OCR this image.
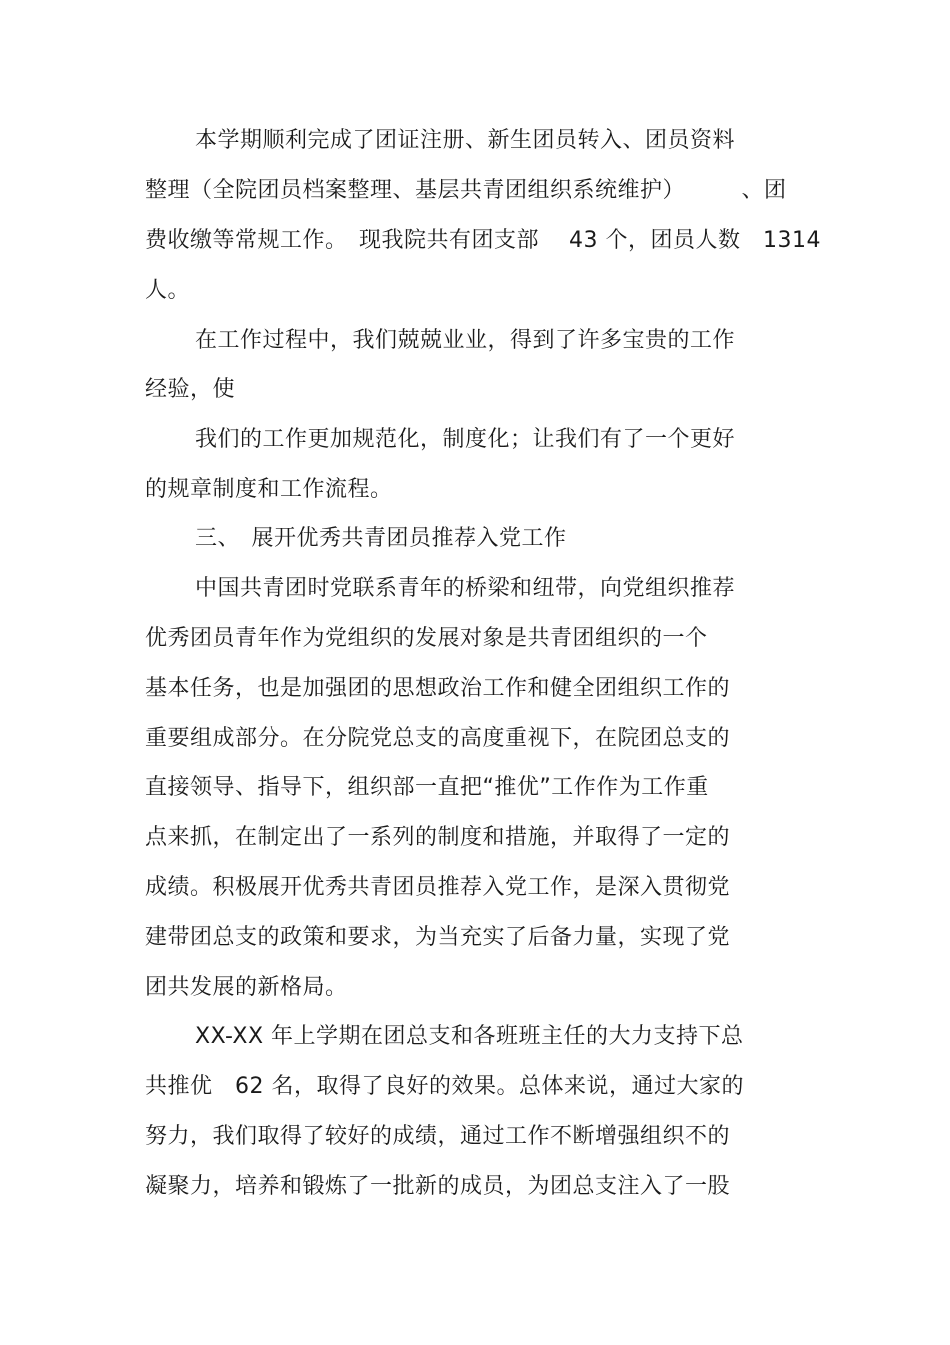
本学期顺利完成了团证注册、新生团员转入、团员资料
整理（全院团员档案整理、基层共青团组织系统维护）　　　、团
费收缴等常规工作。　现我院共有团支部　 43 个，团员人数　1314
人。
在工作过程中，我们兢兢业业，得到了许多宝贵的工作
经验，使
我们的工作更加规范化，制度化；让我们有了一个更好
的规章制度和工作流程。
三、　展开优秀共青团员推荐入党工作
中国共青团时党联系青年的桥梁和纽带，向党组织推荐
优秀团员青年作为党组织的发展对象是共青团组织的一个
基本任务，也是加强团的思想政治工作和健全团组织工作的
重要组成部分。在分院党总支的高度重视下，在院团总支的
直接领导、指导下，组织部一直把“推优”工作作为工作重
点来抓，在制定出了一系列的制度和措施，并取得了一定的
成绩。积极展开优秀共青团员推荐入党工作，是深入贯彻党
建带团总支的政策和要求，为当充实了后备力量，实现了党
团共发展的新格局。
XX-XX 年上学期在团总支和各班班主任的大力支持下总
共推优　62 名，取得了良好的效果。总体来说，通过大家的
努力，我们取得了较好的成绩，通过工作不断增强组织不的
凝聚力，培养和锻炼了一批新的成员，为团总支注入了一股
